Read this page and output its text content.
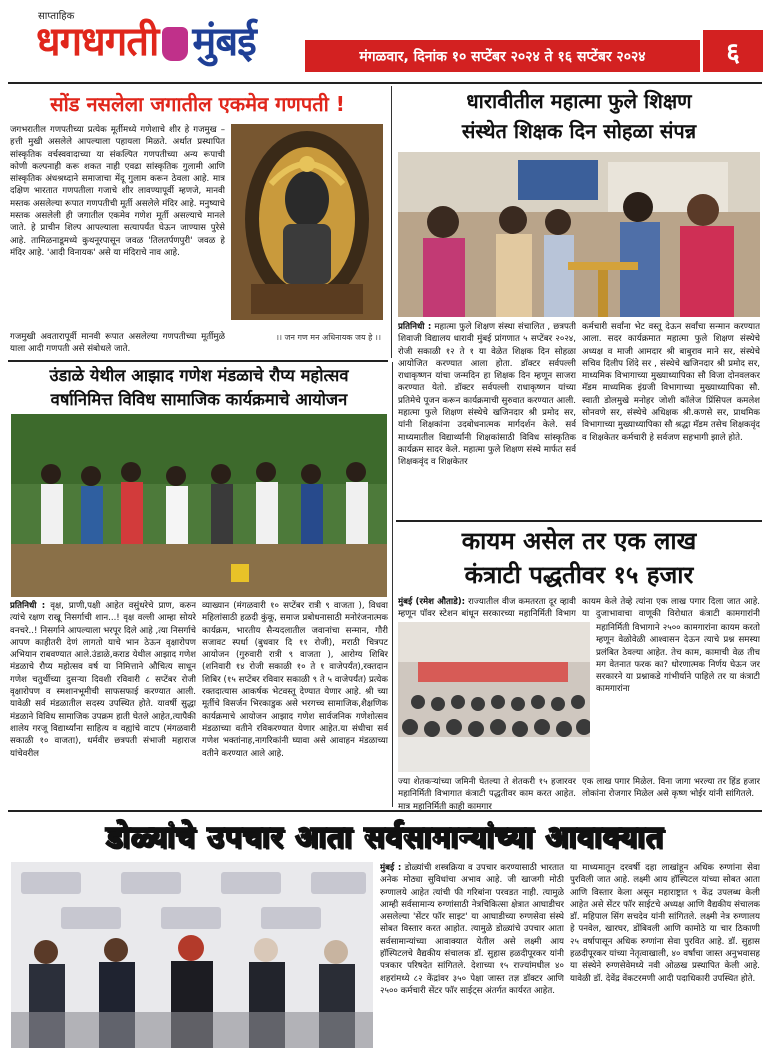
साप्ताहिक
धगधगती मुंबई	मंगळवार, दिनांक १० सप्टेंबर २०२४ ते १६ सप्टेंबर २०२४	६
सोंड नसलेला जगातील एकमेव गणपती !
जगभरातील गणपतीच्या प्रत्येक मूर्तीमध्ये गणेशाचे शीर हे गजमुख – हत्ती मुखी असलेले आपल्याला पहायला मिळते. अर्थात प्रस्थापित सांस्कृतिक वर्चस्ववादाच्या या संकल्पित गणपतीच्या अन्य रूपाची कोणी कल्पनाही करू शकत नाही एवढा सांस्कृतिक गुलामी आणि सांस्कृतिक अंधश्रध्दाने समाजाचा मेंदू गुलाम करून ठेवला आहे. मात्र दक्षिण भारतात गणपतीला गजाचे शीर लावण्यापूर्वी म्हणजे, मानवी मस्तक असलेल्या रूपात गणपतीची मूर्ती असलेले मंदिर आहे. मनुष्याचे मस्तक असलेली ही जगातील एकमेव गणेश मूर्ती असल्याचे मानले जाते. हे प्राचीन शिल्प आपल्याला सत्यापर्यंत घेऊन जाण्यास पुरेसे आहे. तामिळनाडूमध्ये कुथनूरपासून जवळ 'तिलतर्पणपुरी' जवळ हे मंदिर आहे. 'आदी विनायक' असे या मंदिराचे नाव आहे.
गजमुखी अवतारापूर्वी मानवी रूपात असलेल्या गणपतीच्या मूर्तीमुळे याला आदी गणपती असे संबोधले जाते.
।। जन गण मन अधिनायक जय हे ।।
धारावीतील महात्मा फुले शिक्षण
संस्थेत शिक्षक दिन सोहळा संपन्न
प्रतिनिधी : महात्मा फुले शिक्षण संस्था संचालित , छत्रपती शिवाजी विद्यालय धारावी मुंबई प्रांगणात ५ सप्टेंबर २०२४, रोजी सकाळी १२ ते १ या वेळेत शिक्षक दिन सोहळा आयोजित करण्यात आला होता. डॉक्टर सर्वपल्ली राधाकृष्णन यांचा जन्मदिन हा शिक्षक दिन म्हणून साजरा करण्यात येतो. डॉक्टर सर्वपल्ली राधाकृष्णन यांच्या प्रतिमेचे पूजन करून कार्यक्रमाची सुरुवात करण्यात आली. महात्मा फुले शिक्षण संस्थेचे खजिनदार श्री प्रमोद सर, यांनी शिक्षकांना उदबोधनात्मक मार्गदर्शन केले. सर्व माध्यमातील विद्यार्थ्यांनी शिक्षकांसाठी विविध सांस्कृतिक कार्यक्रम सादर केले. महात्मा फुले शिक्षण संस्थे मार्फत सर्व शिक्षकवृंद व शिक्षकेतर
कर्मचारी सर्वांना भेट वस्तू देऊन सर्वांचा सन्मान करण्यात आला. सदर कार्यक्रमात महात्मा फुले शिक्षण संस्थेचे अध्यक्ष व माजी आमदार श्री बाबुराव माने सर, संस्थेचे सचिव दिलीप शिंदे सर , संस्थेचे खजिनदार श्री प्रमोद सर, माध्यमिक विभागाच्या मुख्याध्यापिका सौ विजा दोनवलकर मॅडम माध्यमिक इंग्रजी विभागाच्या मुख्याध्यापिका सौ. स्वाती डोलमुखे मनोहर जोशी कॉलेज प्रिंसिपल कमलेश सोनवणे सर, संस्थेचे अधिक्षक श्री.कणसे सर, प्राथमिक विभागाच्या मुख्याध्यापिका सौ श्रद्धा मॅडम तसेच शिक्षकवृंद व शिक्षकेतर कर्मचारी हे सर्वजण सहभागी झाले होते.
उंडाळे येथील आझाद गणेश मंडळाचे रौप्य महोत्सव
वर्षानिमित्त विविध सामाजिक कार्यक्रमाचे आयोजन
प्रतिनिधी : वृक्ष, प्राणी,पक्षी आहेत वसुंधरेचे प्राण, करुन त्यांचे रक्षण राखू निसर्गाची शान...! वृक्ष वल्ली आम्हा सोयरे वनचरे..! निसर्गाने आपल्याला भरपूर दिले आहे ,त्या निसर्गाचे आपण काहीतरी देणं लागतो याचे भान ठेऊन वृक्षारोपण अभियान राबवण्यात आले.उंडाळे,कराड येथील आझाद गणेश मंडळाचे रौप्य महोत्सव वर्ष या निमित्ताने औचित्य साधून गणेश चतुर्थीच्या दुसऱ्या दिवशी रविवारी ८ सप्टेंबर रोजी वृक्षारोपण व स्मशानभूमीची साफसफाई करण्यात आली. यावेळी सर्व मंडळातील सदस्य उपस्थित होते. यावर्षी सुद्धा मंडळाने विविध सामाजिक उपक्रम हाती घेतले आहेत,त्यापैकी शालेय गरजू विद्यार्थ्यांना साहित्य व वह्यांचे वाटप (मंगळवारी सकाळी १० वाजता), धर्मवीर छत्रपती संभाजी महाराज यांचेवरील
व्याख्यान (मंगळवारी १० सप्टेंबर रात्री ९ वाजता ), विधवा महिलांसाठी हळदी कुंकू, समाज प्रबोधनासाठी मनोरंजनात्मक कार्यक्रम, भारतीय सैन्यदलातील जवानांचा सन्मान, गौरी सजावट स्पर्धा (बुधवार दि ११ रोजी), मराठी चित्रपट आयोजन (गुरुवारी रात्री ९ वाजता ), आरोग्य शिबिर (शनिवारी १४ रोजी सकाळी १० ते १ वाजेपर्यंत),रक्तदान शिबिर (१५ सप्टेंबर रविवार सकाळी ९ ते ५ वाजेपर्यंत) प्रत्येक रक्तदात्यास आकर्षक भेटवस्तू देण्यात येणार आहे. श्री च्या मूर्तीचे विसर्जन भिरकाडुक असे भरगच्च सामाजिक,शैक्षणिक कार्यक्रमाचे आयोजन आझाद गणेश सार्वजनिक गणेशोत्सव मंडळाच्या वतीने रविकरण्यात येणार आहेत.या संधीचा सर्व गणेश भक्तांनाह,नागरिकांनी घ्यावा असे आवाहन मंडळाच्या वतीने करण्यात आले आहे.
कायम असेल तर एक लाख
कंत्राटी पद्धतीवर १५ हजार
मुंबई (रमेश औताडे): राज्यातील वीज कमतरता दूर व्हावी म्हणून पॉवर स्टेशन बांधून सरकारच्या महानिर्मिती विभाग
कायम केले तेव्हे त्यांना एक लाख पगार दिला जात आहे. या दुजाभावाचा वाणूकी विरोधात कंत्राटी कामगारांनी
महानिर्मिती विभागाने २५०० कामगारांना कायम करतो म्हणून वेळोवेळी आश्वासन देऊन त्याचे प्रश्न समस्या प्रलंबित ठेवल्या आहेत. तेच काम, कामाची वेळ तीच मग वेतनात फरक का? धोरणात्मक निर्णय घेऊन जर सरकारने या प्रश्नाकडे गांभीर्याने पाहिले तर या कंत्राटी कामगारांना
ज्या शेतकऱ्यांच्या जमिनी घेतल्या ते शेतकरी १५ हजारवर महानिर्मिती विभागात कंत्राटी पद्धतीवर काम करत आहेत. मात्र महानिर्मिती काही कामगार
एक लाख पगार मिळेल. विना जागा भरल्या तर हिंड हजार लोकांना रोजगार मिळेल असे कृष्ण भोईर यांनी सांगितले.
डोळ्यांचे उपचार आता सर्वसामान्यांच्या आवाक्यात
मुंबई : डोळ्यांची शस्त्रक्रिया व उपचार करण्यासाठी भारतात अनेक मोठ्या सुविधांचा अभाव आहे. जी खाजगी मोठी रुग्णालये आहेत त्यांची फी गरिबांना परवडत नाही. त्यामुळे आम्ही सर्वसामान्य रुग्णांसाठी नेत्रचिकित्सा क्षेत्रात आघाडीचर असलेल्या 'सेंटर फॉर साइट' या आघाडीच्या रुग्णसेवा संस्थे सोबत विस्तार करत आहोत. त्यामुळे डोळ्यांचे उपचार आता सर्वसामान्यांच्या आवाक्यात येतील असे लक्ष्मी आय हॉस्पिटलचे वैद्यकीय संचालक डॉ. सुहास हळदीपूरकर यांनी पत्रकार परिषदेत सांगितले. देशाच्या १५ राज्यांमधील ४० शहरांमध्ये ८२ केंद्रांवर ३५० पेक्षा जास्त तज्ञ डॉक्टर आणि २५०० कर्मचारी सेंटर फॉर साईट्स अंतर्गत कार्यरत आहेत.
या माध्यमातून दरवर्षी दहा लाखांहून अधिक रुग्णांना सेवा पुरविली जात आहे. लक्ष्मी आय हॉस्पिटल यांच्या सोबत आता आणि विस्तार केला असून महाराष्ट्रात ९ केंद्र उपलब्ध केली आहेत असे सेंटर फॉर साईटचे अध्यक्ष आणि वैद्यकीय संचालक डॉ. महिपाल सिंग सचदेव यांनी सांगितले. लक्ष्मी नेत्र रुग्णालय हे पनवेल, खारघर, डोंबिवली आणि कामोठे या चार ठिकाणी २५ वर्षापासून अधिक रुग्णांना सेवा पुरवित आहे. डॉ. सुहास हळदीपूरकर यांच्या नेतृत्वाखाली, ४० वर्षांचा जास्त अनुभवासह या संस्थेने रुग्णसेवेमध्ये नवी ओळख प्रस्थापित केली आहे. यावेळी डॉ. देवेंद्र वेंकटरमणी आदी पदाधिकारी उपस्थित होते.
